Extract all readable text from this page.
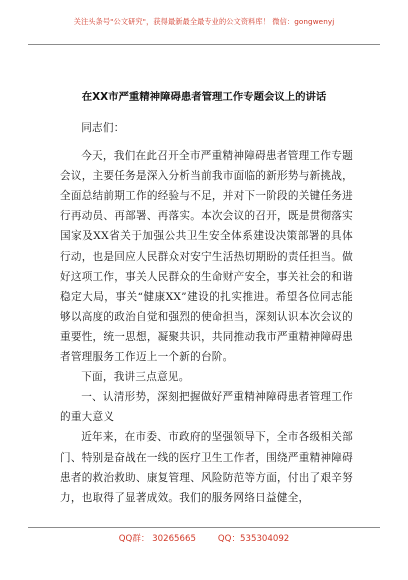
关注头条号"公文研究"，获得最新最全最专业的公文资料库！ 微信：gongwenyj
在XX市严重精神障碍患者管理工作专题会议上的讲话

同志们：

今天，我们在此召开全市严重精神障碍患者管理工作专题会议，主要任务是深入分析当前我市面临的新形势与新挑战，全面总结前期工作的经验与不足，并对下一阶段的关键任务进行再动员、再部署、再落实。本次会议的召开，既是贯彻落实国家及XX省关于加强公共卫生安全体系建设决策部署的具体行动，也是回应人民群众对安宁生活热切期盼的责任担当。做好这项工作，事关人民群众的生命财产安全，事关社会的和谐稳定大局，事关“健康XX”建设的扎实推进。希望各位同志能够以高度的政治自觉和强烈的使命担当，深刻认识本次会议的重要性，统一思想，凝聚共识，共同推动我市严重精神障碍患者管理服务工作迈上一个新的台阶。

下面，我讲三点意见。

一、认清形势，深刻把握做好严重精神障碍患者管理工作的重大意义

近年来，在市委、市政府的坚强领导下，全市各级相关部门、特别是奋战在一线的医疗卫生工作者，围绕严重精神障碍患者的救治救助、康复管理、风险防范等方面，付出了艰辛努力，也取得了显著成效。我们的服务网络日益健全，

QQ群： 30265665	QQ：535304092
